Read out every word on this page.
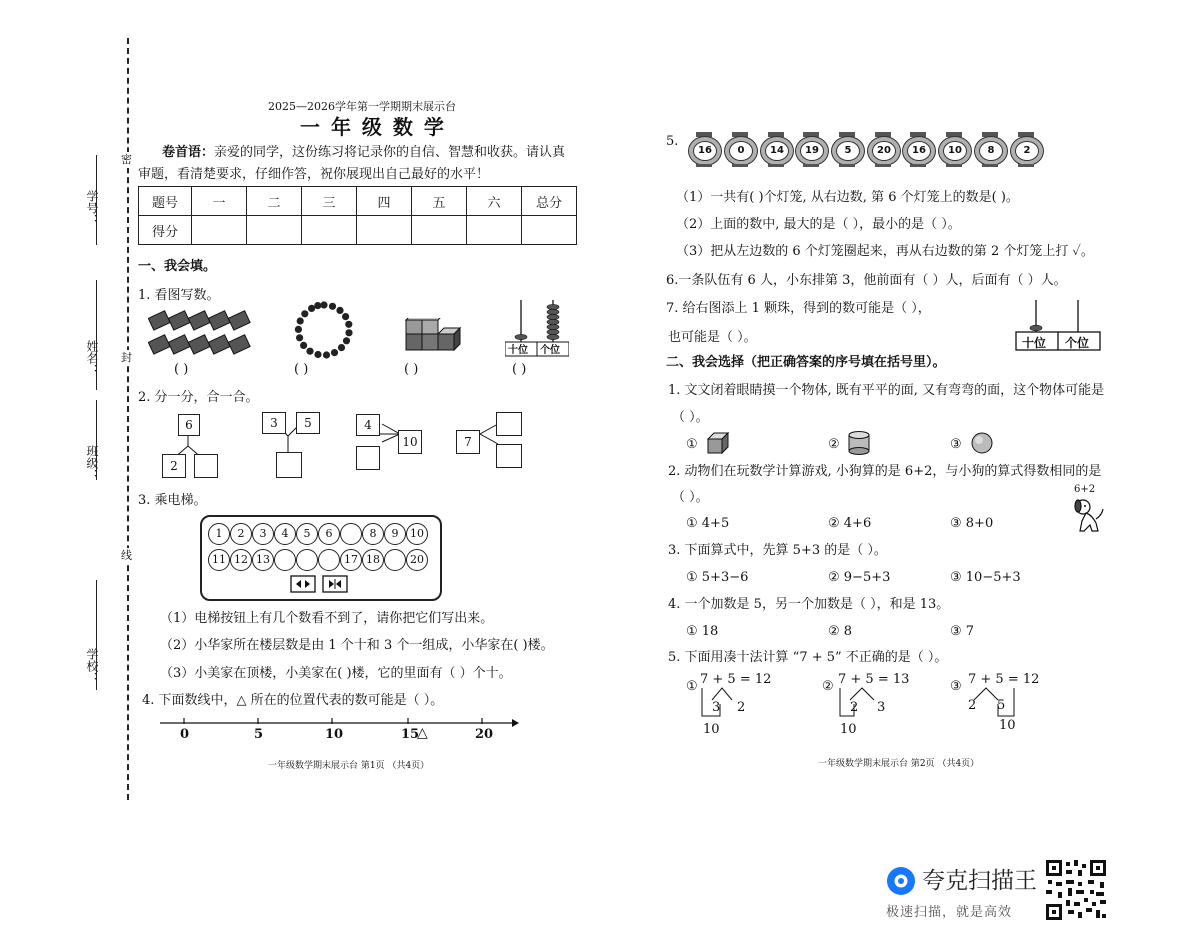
学号：
姓名：
班级：
学校：
密
封
线
2025—2026学年第一学期期末展示台
一 年 级 数 学
卷首语：亲爱的同学，这份练习将记录你的自信、智慧和收获。请认真
审题，看清楚要求，仔细作答，祝你展现出自己最好的水平！
题号	一	二	三	四	五	六	总分
得分							
一、我会填。
1. 看图写数。
十位 个位
( )	( )	( )	( )
2. 分一分，合一合。
6
2
3	5	4
10	7
3. 乘电梯。
1	2	3	4	5	6	8	9	10
11 12 13	17 18	20
（1）电梯按钮上有几个数看不到了，请你把它们写出来。
（2）小华家所在楼层数是由 1 个十和 3 个一组成，小华家在( )楼。
（3）小美家在顶楼，小美家在( )楼，它的里面有（ ）个十。
4. 下面数线中，△ 所在的位置代表的数可能是（ ）。
0	5	10	15
△	20
一年级数学期末展示台 第1页 （共4页）
5.
16	0	14	19	5	20	16	10	8	2
（1）一共有( )个灯笼, 从右边数, 第 6 个灯笼上的数是( )。
（2）上面的数中, 最大的是（ ），最小的是（ ）。
（3）把从左边数的 6 个灯笼圈起来，再从右边数的第 2 个灯笼上打 ✓。
6.一条队伍有 6 人，小东排第 3，他前面有（ ）人，后面有（ ）人。
7. 给右图添上 1 颗珠，得到的数可能是（ ），
也可能是（ ）。	十位 个位
二、我会选择（把正确答案的序号填在括号里）。
1. 文文闭着眼睛摸一个物体, 既有平平的面, 又有弯弯的面，这个物体可能是
（ ）。
①	②	③
2. 动物们在玩数学计算游戏, 小狗算的是 6+2，与小狗的算式得数相同的是
（ ）。
6+2
① 4+5	② 4+6	③ 8+0
3. 下面算式中，先算 5+3 的是（ ）。
① 5+3−6	② 9−5+3	③ 10−5+3
4. 一个加数是 5，另一个加数是（ ），和是 13。
① 18	② 8	③ 7
5. 下面用凑十法计算 “7 + 5” 不正确的是（ ）。
① 7 + 5 = 12
3 2
10
② 7 + 5 = 13
2 3
10
③ 7 + 5 = 12
2 5
10
一年级数学期末展示台 第2页 （共4页）
夸克扫描王
极速扫描，就是高效
